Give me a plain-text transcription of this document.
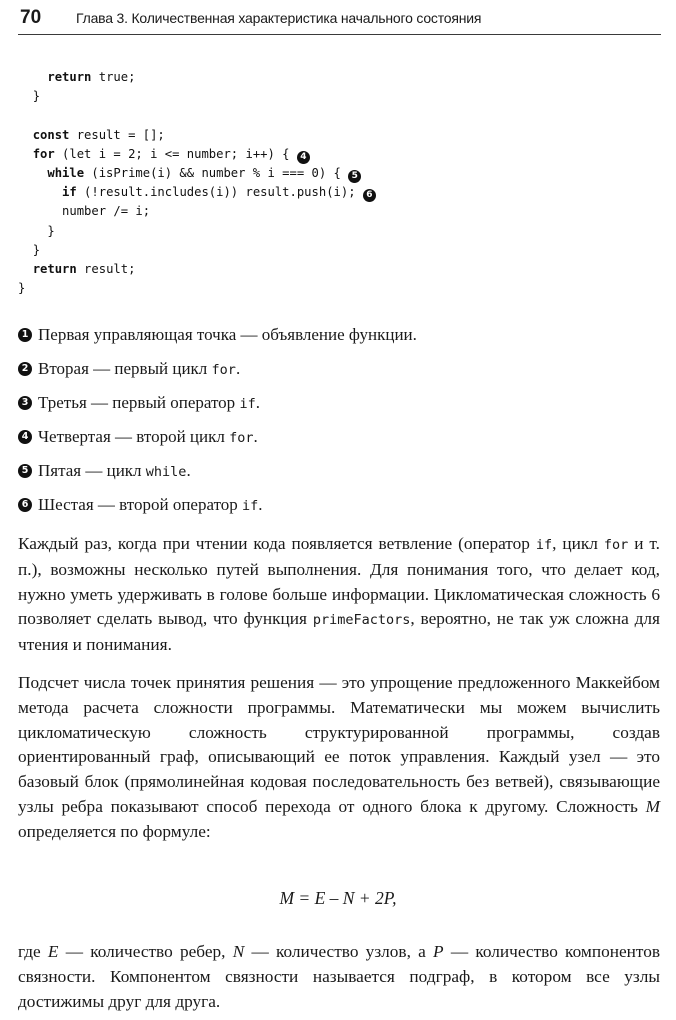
70 Глава 3. Количественная характеристика начального состояния
return true;
}
const result = [];
for (let i = 2; i <= number; i++) { 4
while (isPrime(i) && number % i === 0) { 5
if (!result.includes(i)) result.push(i); 6
number /= i;
}
}
return result;
}
1 Первая управляющая точка — объявление функции.
2 Вторая — первый цикл for.
3 Третья — первый оператор if.
4 Четвертая — второй цикл for.
5 Пятая — цикл while.
6 Шестая — второй оператор if.
Каждый раз, когда при чтении кода появляется ветвление (оператор if, цикл for и т. п.), возможны несколько путей выполнения. Для понимания того, что делает код, нужно уметь удерживать в голове больше информации. Цикломатическая сложность 6 позволяет сделать вывод, что функция primeFactors, вероятно, не так уж сложна для чтения и понимания.
Подсчет числа точек принятия решения — это упрощение предложенного Маккейбом метода расчета сложности программы. Математически мы можем вычислить цикломатическую сложность структурированной программы, создав ориентированный граф, описывающий ее поток управления. Каждый узел — это базовый блок (прямолинейная кодовая последовательность без ветвей), связывающие узлы ребра показывают способ перехода от одного блока к другому. Сложность M определяется по формуле:
M = E – N + 2P,
где E — количество ребер, N — количество узлов, а P — количество компонентов связности. Компонентом связности называется подграф, в котором все узлы достижимы друг для друга.
